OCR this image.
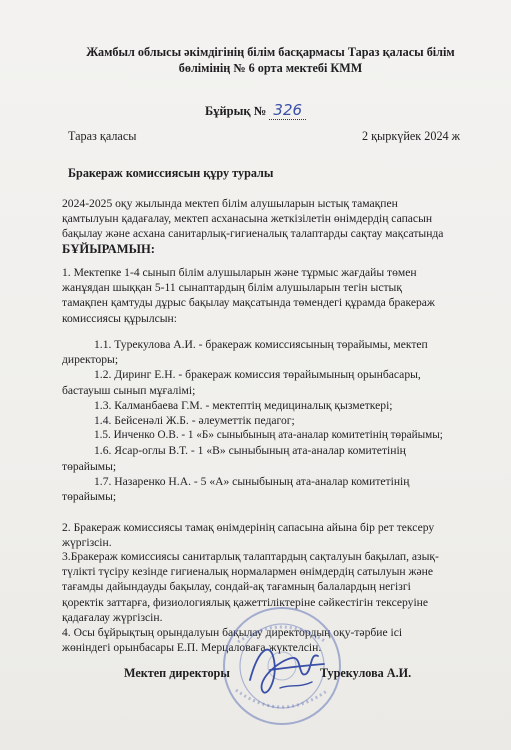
Жамбыл облысы әкімдігінің білім басқармасы Тараз қаласы білім
бөлімінің № 6 орта мектебі КММ
Бұйрық № 326
Тараз қаласы	2 қыркүйек 2024 ж
Бракераж комиссиясын құру туралы
2024-2025 оқу жылында мектеп білім алушыларын ыстық тамақпен
қамтылуын қадағалау, мектеп асханасына жеткізілетін өнімдердің сапасын
бақылау және асхана санитарлық-гигиеналық талаптарды сақтау мақсатында
БҰЙЫРАМЫН:
1. Мектепке 1-4 сынып білім алушыларын және тұрмыс жағдайы төмен
жанұядан шыққан 5-11 сынаптардың білім алушыларын тегін ыстық
тамақпен қамтуды дұрыс бақылау мақсатында төмендегі құрамда бракераж
комиссиясы құрылсын:
1.1. Турекулова А.И. - бракераж комиссиясының төрайымы, мектеп
директоры;
1.2. Диринг Е.Н. - бракераж комиссия төрайымының орынбасары,
бастауыш сынып мұғалімі;
1.3. Калманбаева Г.М. - мектептің медициналық қызметкері;
1.4. Бейсенәлі Ж.Б. - әлеуметтік педагог;
1.5. Инченко О.В. - 1 «Б» сыныбының ата-аналар комитетінің төрайымы;
1.6. Ясар-оглы В.Т. - 1 «В» сыныбының ата-аналар комитетінің
төрайымы;
1.7. Назаренко Н.А. - 5 «А» сыныбының ата-аналар комитетінің
төрайымы;
2. Бракераж комиссиясы тамақ өнімдерінің сапасына айына бір рет тексеру
жүргізсін.
3.Бракераж комиссиясы санитарлық талаптардың сақталуын бақылап, азық-
түлікті түсіру кезінде гигиеналық нормалармен өнімдердің сатылуын және
тағамды дайындауды бақылау, сондай-ақ тағамның балалардың негізгі
қоректік заттарға, физиологиялық қажеттіліктеріне сәйкестігін тексеруіне
қадағалау жүргізсін.
4. Осы бұйрықтың орындалуын бақылау директордың оқу-тәрбие ісі
жөніндегі орынбасары Е.П. Мерцаловаға жүктелсін.
Мектеп директоры	Турекулова А.И.
